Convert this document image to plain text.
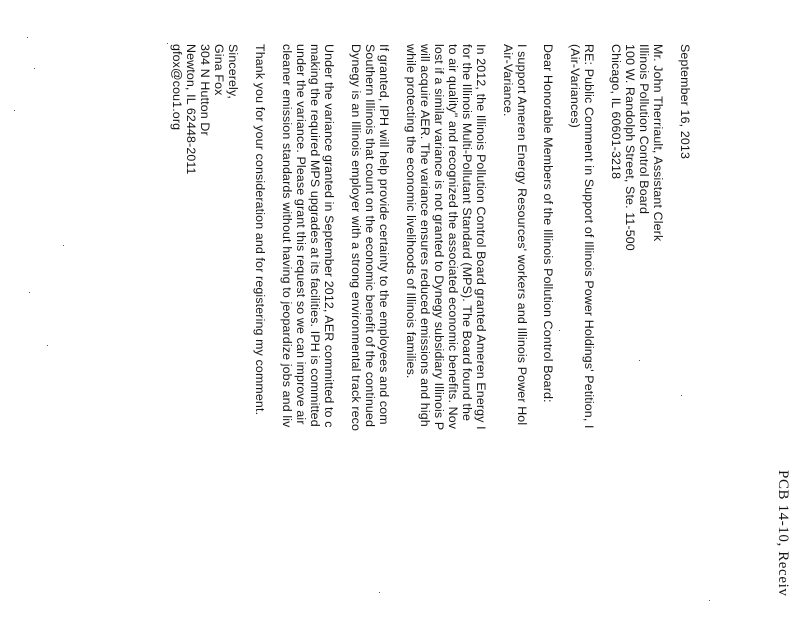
PCB 14-10, Receiv
September 16, 2013
Mr. John Therriault, Assistant Clerk
Illinois Pollution Control Board
100 W. Randolph Street, Ste. 11-500
Chicago, IL 60601-3218
RE: Public Comment in Support of Illinois Power Holdings' Petition, I
(Air-Variances)
Dear Honorable Members of the Illinois Pollution Control Board:
I support Ameren Energy Resources' workers and Illinois Power Hol
Air-Variance.
In 2012, the Illinois Pollution Control Board granted Ameren Energy I
for the Illinois Multi-Pollutant Standard (MPS). The Board found the
to air quality" and recognized the associated economic benefits. Nov
lost if a similar variance is not granted to Dynegy subsidiary Illinois P
will acquire AER. The variance ensures reduced emissions and high
while protecting the economic livelihoods of Illinois families.
If granted, IPH will help provide certainty to the employees and com
Southern Illinois that count on the economic benefit of the continued
Dynegy is an Illinois employer with a strong environmental track reco
Under the variance granted in September 2012, AER committed to c
making the required MPS upgrades at its facilities. IPH is committed
under the variance. Please grant this request so we can improve air
cleaner emission standards without having to jeopardize jobs and liv
Thank you for your consideration and for registering my comment.
Sincerely,
Gina Fox
304 N Hutton Dr
Newton, IL 62448-2011
gfox@cou1.org
